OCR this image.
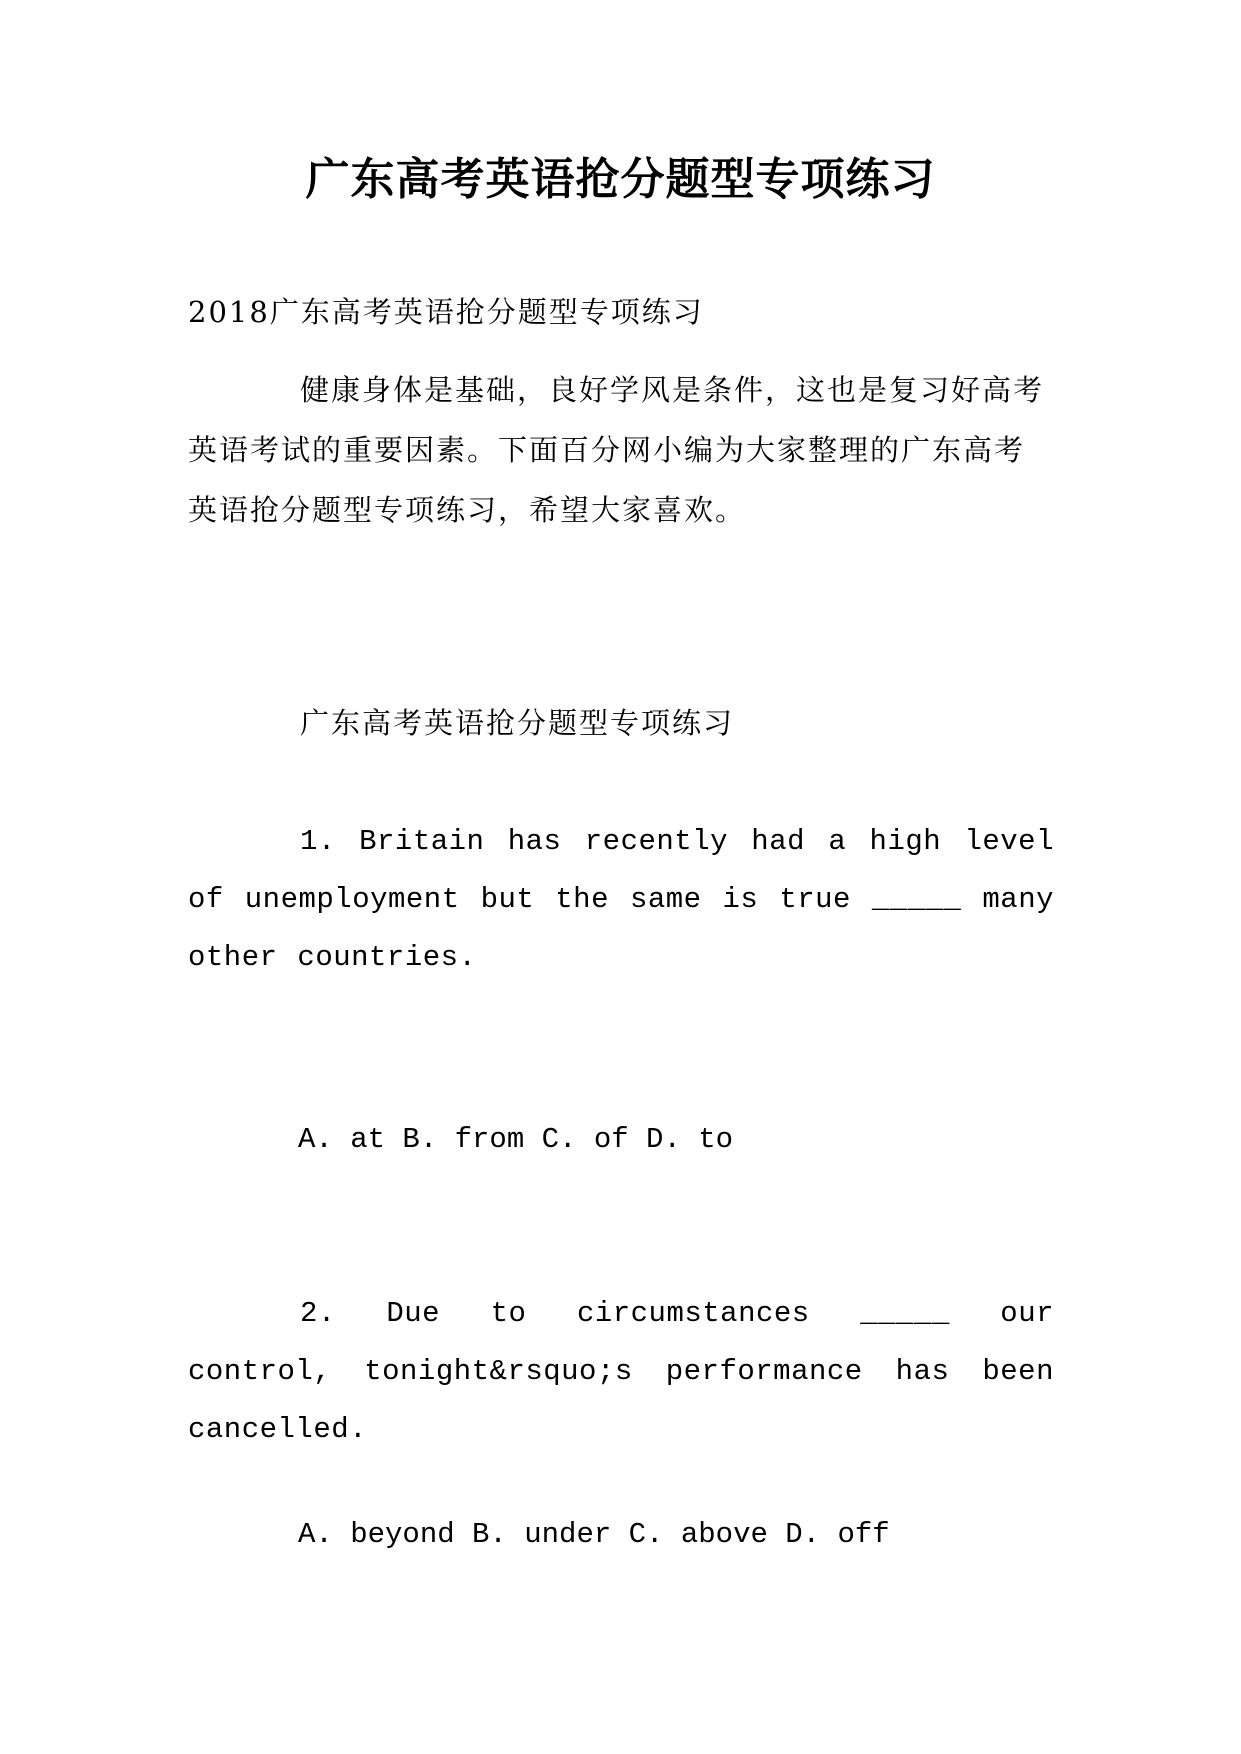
广东高考英语抢分题型专项练习

2018广东高考英语抢分题型专项练习

健康身体是基础，良好学风是条件，这也是复习好高考英语考试的重要因素。下面百分网小编为大家整理的广东高考英语抢分题型专项练习，希望大家喜欢。

广东高考英语抢分题型专项练习

1. Britain has recently had a high level of unemployment but the same is true _____ many other countries.

A. at B. from C. of D. to

2. Due to circumstances _____ our control, tonight&rsquo;s performance has been cancelled.

A. beyond B. under C. above D. off
